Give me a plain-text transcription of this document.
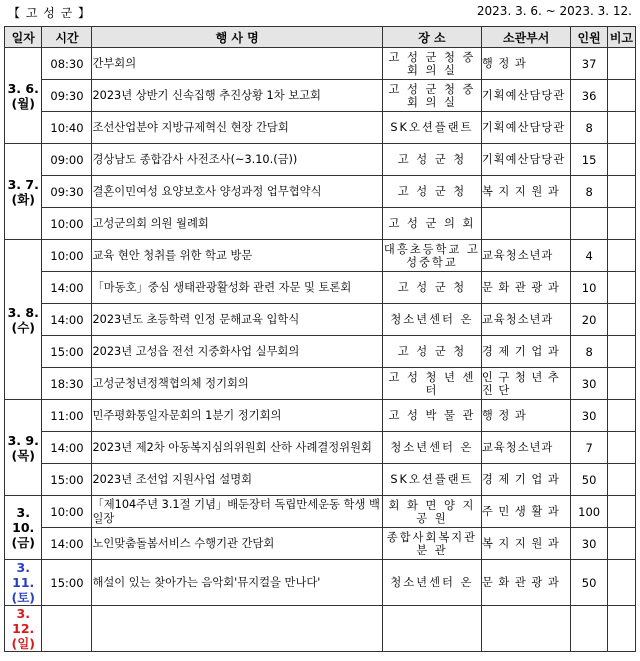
【 고 성 군 】	2023. 3. 6. ~ 2023. 3. 12.
일자	시간	행 사 명	장 소	소관부서	인원	비고
3. 6. (월)	08:30	간부회의	고 성 군 청 중 회 의 실	행 정 과	37	
	09:30	2023년 상반기 신속집행 추진상황 1차 보고회	고 성 군 청 중 회 의 실	기획예산담당관	36	
	10:40	조선산업분야 지방규제혁신 현장 간담회	SK오션플랜트	기획예산담당관	8	
3. 7. (화)	09:00	경상남도 종합감사 사전조사(~3.10.(금))	고 성 군 청	기획예산담당관	15	
	09:30	결혼이민여성 요양보호사 양성과정 업무협약식	고 성 군 청	복 지 지 원 과	8	
	10:00	고성군의회 의원 월례회	고 성 군 의 회			
3. 8. (수)	10:00	교육 현안 청취를 위한 학교 방문	대흥초등학교 고성중학교	교육청소년과	4	
	14:00	「마동호」중심 생태관광활성화 관련 자문 및 토론회	고 성 군 청	문 화 관 광 과	10	
	14:00	2023년도 초등학력 인정 문해교육 입학식	청소년센터 온	교육청소년과	20	
	15:00	2023년 고성읍 전선 지중화사업 실무회의	고 성 군 청	경 제 기 업 과	8	
	18:30	고성군청년정책협의체 정기회의	고 성 청 년 센 터	인 구 청 년 추 진 단	30	
3. 9. (목)	11:00	민주평화통일자문회의 1분기 정기회의	고 성 박 물 관	행 정 과	30	
	14:00	2023년 제2차 아동복지심의위원회 산하 사례결정위원회	청소년센터 온	교육청소년과	7	
	15:00	2023년 조선업 지원사업 설명회	SK오션플랜트	경 제 기 업 과	50	
3. 10. (금)	10:00	「제104주년 3.1절 기념」배둔장터 독립만세운동 학생 백일장	회 화 면 양 지 공 원	주 민 생 활 과	100	
	14:00	노인맞춤돌봄서비스 수행기관 간담회	종합사회복지관 분 관	복 지 지 원 과	30	
3. 11. (토)	15:00	해설이 있는 찾아가는 음악회'뮤지컬을 만나다'	청소년센터 온	문 화 관 광 과	50	
3. 12. (일)						
